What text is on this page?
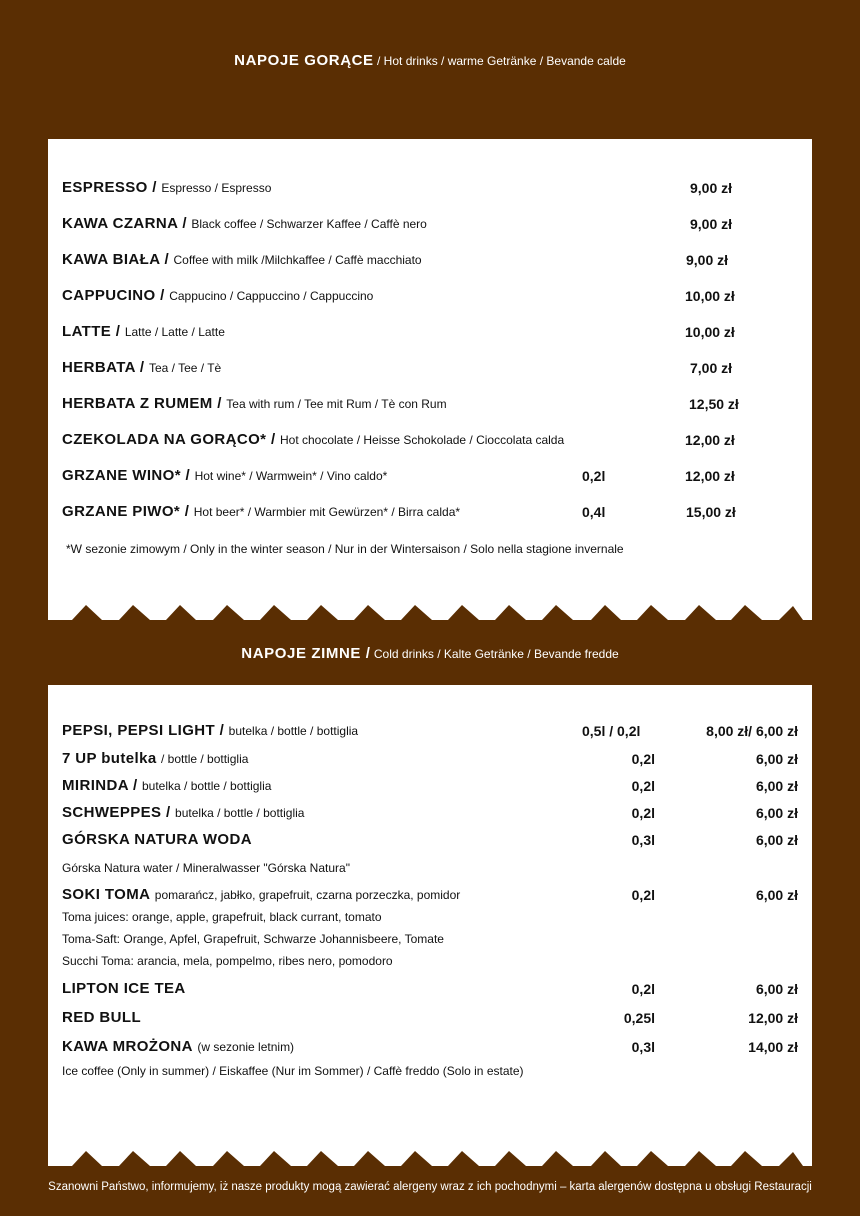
NAPOJE GORĄCE / Hot drinks / warme Getränke / Bevande calde
ESPRESSO / Espresso / Espresso	9,00 zł
KAWA CZARNA / Black coffee / Schwarzer Kaffee / Caffè nero	9,00 zł
KAWA BIAŁA / Coffee with milk /Milchkaffee / Caffè macchiato	9,00 zł
CAPPUCINO / Cappucino / Cappuccino / Cappuccino	10,00 zł
LATTE / Latte / Latte / Latte	10,00 zł
HERBATA / Tea / Tee / Tè	7,00 zł
HERBATA Z RUMEM / Tea with rum / Tee mit Rum / Tè con Rum	12,50 zł
CZEKOLADA NA GORĄCO* / Hot chocolate / Heisse Schokolade / Cioccolata calda	12,00 zł
GRZANE WINO* / Hot wine* / Warmwein* / Vino caldo*	0,2l	12,00 zł
GRZANE PIWO* / Hot beer* / Warmbier mit Gewürzen* / Birra calda*	0,4l	15,00 zł
*W sezonie zimowym / Only in the winter season / Nur in der Wintersaison / Solo nella stagione invernale
NAPOJE ZIMNE / Cold drinks / Kalte Getränke / Bevande fredde
PEPSI, PEPSI LIGHT / butelka / bottle / bottiglia	0,5l / 0,2l	8,00 zł/ 6,00 zł
7 UP butelka / bottle / bottiglia	0,2l	6,00 zł
MIRINDA / butelka / bottle / bottiglia	0,2l	6,00 zł
SCHWEPPES / butelka / bottle / bottiglia	0,2l	6,00 zł
GÓRSKA NATURA WODA	0,3l	6,00 zł
Górska Natura water / Mineralwasser "Górska Natura"
SOKI TOMA pomarańcz, jabłko, grapefruit, czarna porzeczka, pomidor	0,2l	6,00 zł
Toma juices: orange, apple, grapefruit, black currant, tomato
Toma-Saft: Orange, Apfel, Grapefruit, Schwarze Johannisbeere, Tomate
Succhi Toma: arancia, mela, pompelmo, ribes nero, pomodoro
LIPTON ICE TEA	0,2l	6,00 zł
RED BULL	0,25l	12,00 zł
KAWA MROŻONA (w sezonie letnim)	0,3l	14,00 zł
Ice coffee (Only in summer) / Eiskaffee (Nur im Sommer) / Caffè freddo (Solo in estate)
Szanowni Państwo, informujemy, iż nasze produkty mogą zawierać alergeny wraz z ich pochodnymi – karta alergenów dostępna u obsługi Restauracji
